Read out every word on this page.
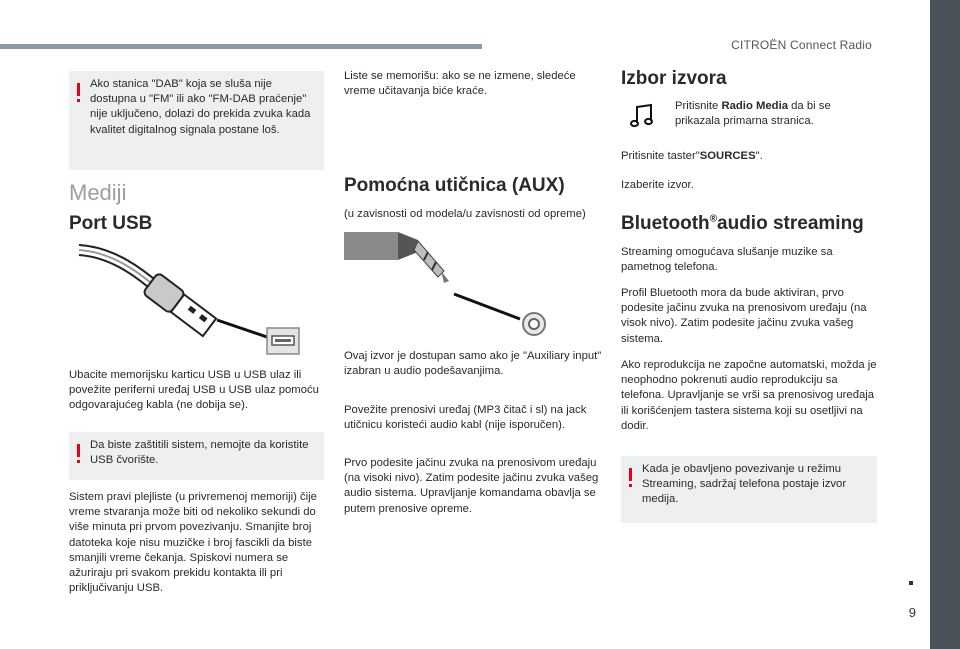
CITROËN Connect Radio
9

Ako stanica "DAB" koja se sluša nije dostupna u "FM" ili ako "FM-DAB praćenje" nije uključeno, dolazi do prekida zvuka kada kvalitet digitalnog signala postane loš.

Mediji
Port USB

Ubacite memorijsku karticu USB u USB ulaz ili povežite periferni uređaj USB u USB ulaz pomoću odgovarajućeg kabla (ne dobija se).

Da biste zaštitili sistem, nemojte da koristite USB čvorište.

Sistem pravi plejliste (u privremenoj memoriji) čije vreme stvaranja može biti od nekoliko sekundi do više minuta pri prvom povezivanju. Smanjite broj datoteka koje nisu muzičke i broj fascikli da biste smanjili vreme čekanja. Spiskovi numera se ažuriraju pri svakom prekidu kontakta ili pri priključivanju USB.

Liste se memorišu: ako se ne izmene, sledeće vreme učitavanja biće kraće.

Pomoćna utičnica (AUX)

(u zavisnosti od modela/u zavisnosti od opreme)

Ovaj izvor je dostupan samo ako je "Auxiliary input" izabran u audio podešavanjima.

Povežite prenosivi uređaj (MP3 čitač i sl) na jack utičnicu koristeći audio kabl (nije isporučen).

Prvo podesite jačinu zvuka na prenosivom uređaju (na visoki nivo). Zatim podesite jačinu zvuka vašeg audio sistema. Upravljanje komandama obavlja se putem prenosive opreme.

Izbor izvora

Pritisnite Radio Media da bi se prikazala primarna stranica.

Pritisnite taster"SOURCES".

Izaberite izvor.

Bluetooth®audio streaming

Streaming omogućava slušanje muzike sa pametnog telefona.

Profil Bluetooth mora da bude aktiviran, prvo podesite jačinu zvuka na prenosivom uređaju (na visok nivo). Zatim podesite jačinu zvuka vašeg sistema.

Ako reprodukcija ne započne automatski, možda je neophodno pokrenuti audio reprodukciju sa telefona. Upravljanje se vrši sa prenosivog uređaja ili korišćenjem tastera sistema koji su osetljivi na dodir.

Kada je obavljeno povezivanje u režimu Streaming, sadržaj telefona postaje izvor medija.
